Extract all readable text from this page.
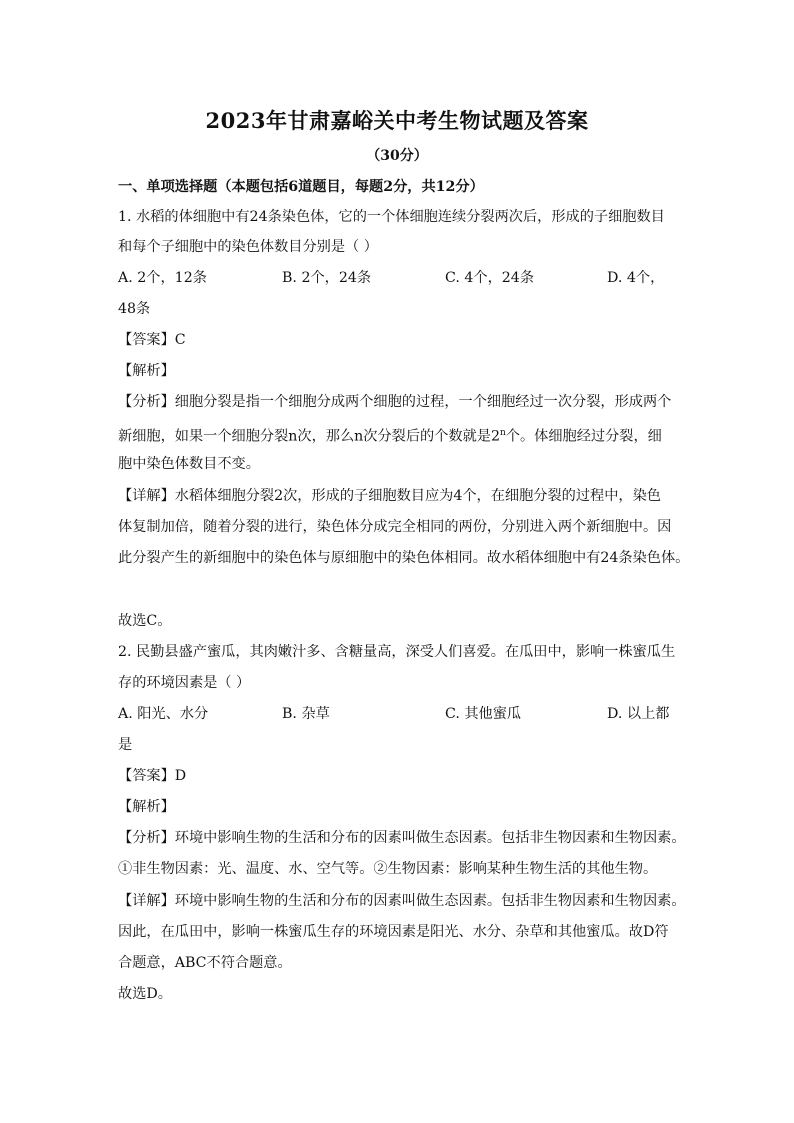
2023年甘肃嘉峪关中考生物试题及答案
（30分）
一、单项选择题（本题包括6道题目，每题2分，共12分）
1. 水稻的体细胞中有24条染色体，它的一个体细胞连续分裂两次后，形成的子细胞数目
和每个子细胞中的染色体数目分别是（ ）
A. 2个，12条	B. 2个，24条	C. 4个，24条	D. 4个，
48条
【答案】C
【解析】
【分析】细胞分裂是指一个细胞分成两个细胞的过程，一个细胞经过一次分裂，形成两个
新细胞，如果一个细胞分裂n次，那么n次分裂后的个数就是2$^n$个。体细胞经过分裂，细
胞中染色体数目不变。
【详解】水稻体细胞分裂2次，形成的子细胞数目应为4个，在细胞分裂的过程中，染色
体复制加倍，随着分裂的进行，染色体分成完全相同的两份，分别进入两个新细胞中。因
此分裂产生的新细胞中的染色体与原细胞中的染色体相同。故水稻体细胞中有24条染色体。
故选C。
2. 民勤县盛产蜜瓜，其肉嫩汁多、含糖量高，深受人们喜爱。在瓜田中，影响一株蜜瓜生
存的环境因素是（ ）
A. 阳光、水分	B. 杂草	C. 其他蜜瓜	D. 以上都
是
【答案】D
【解析】
【分析】环境中影响生物的生活和分布的因素叫做生态因素。包括非生物因素和生物因素。
①非生物因素：光、温度、水、空气等。②生物因素：影响某种生物生活的其他生物。
【详解】环境中影响生物的生活和分布的因素叫做生态因素。包括非生物因素和生物因素。
因此，在瓜田中，影响一株蜜瓜生存的环境因素是阳光、水分、杂草和其他蜜瓜。故D符
合题意，ABC不符合题意。
故选D。
